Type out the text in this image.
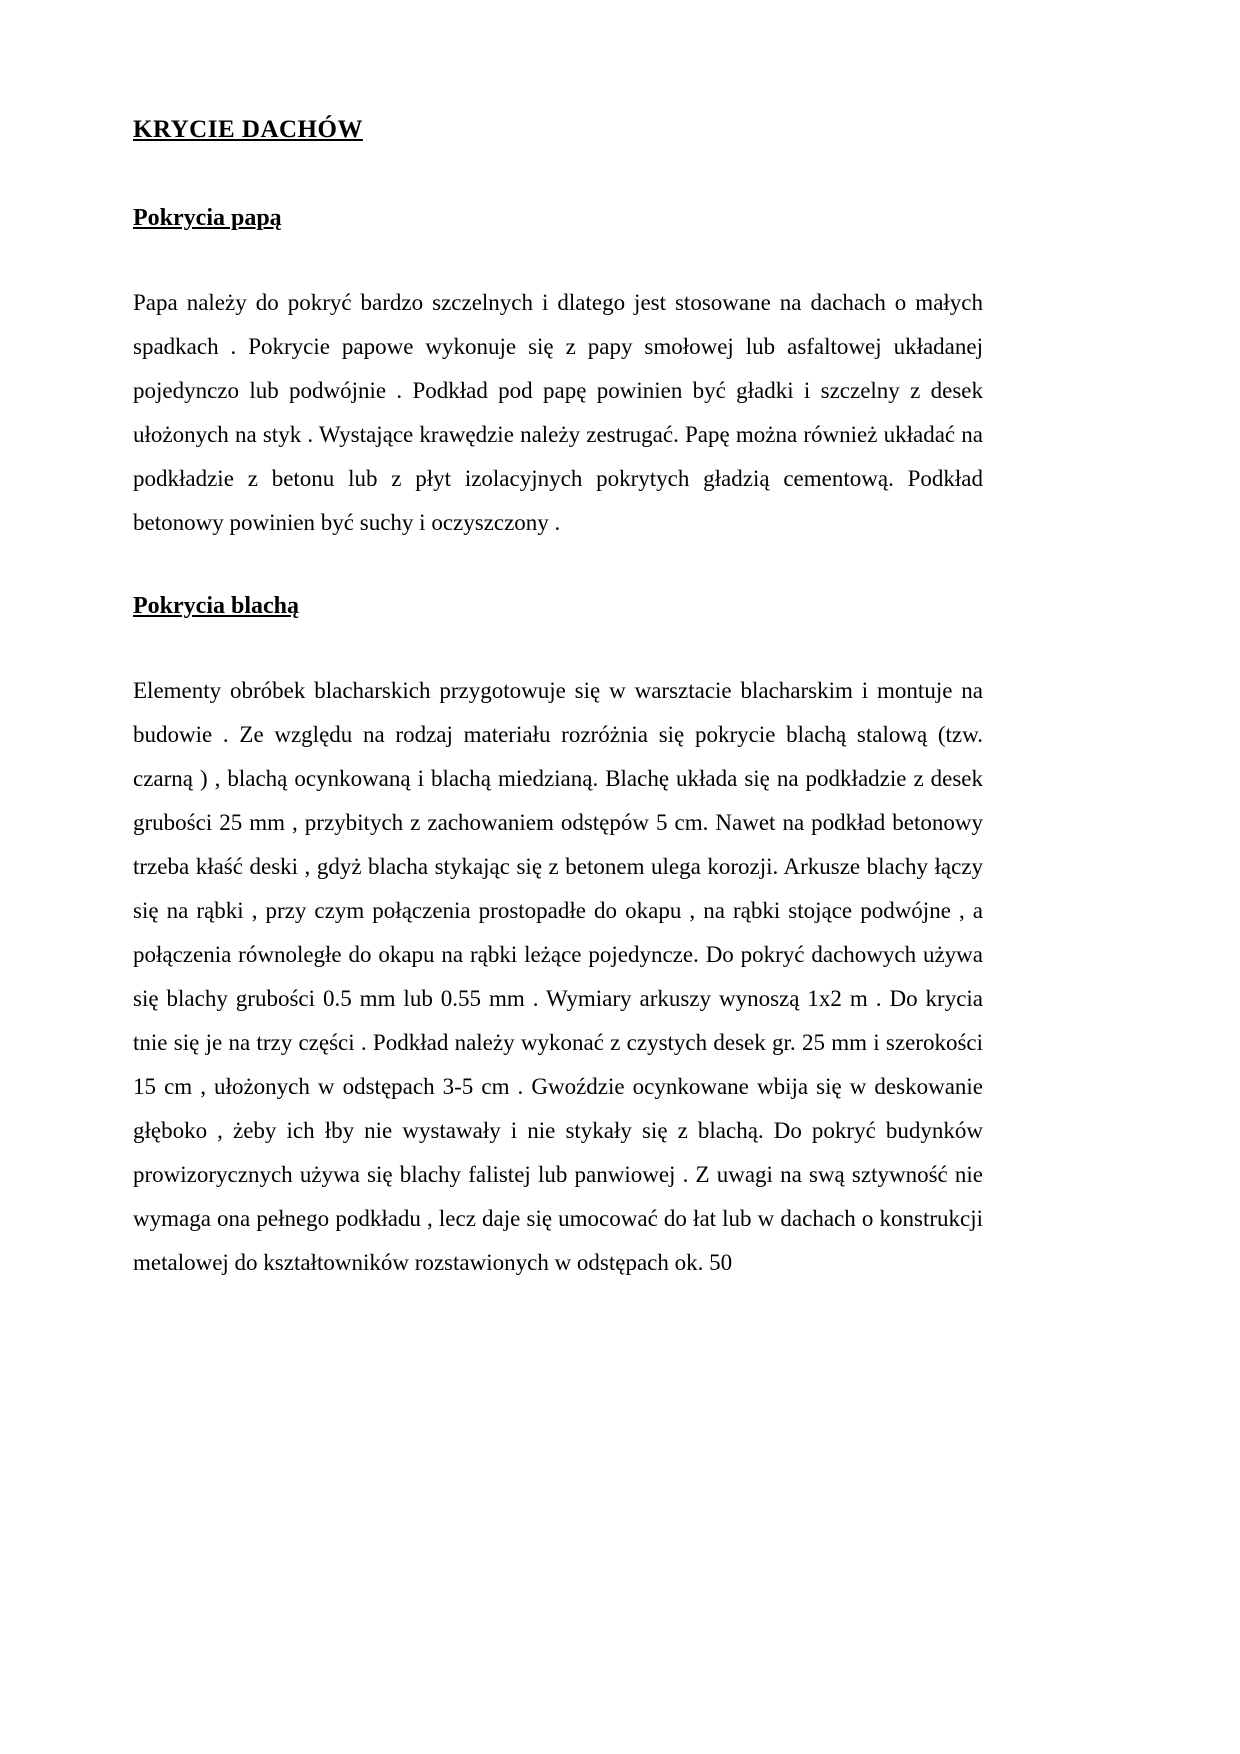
KRYCIE DACHÓW
Pokrycia papą

Papa należy do pokryć bardzo szczelnych i dlatego jest stosowane na dachach o małych spadkach . Pokrycie papowe wykonuje się z papy smołowej lub asfaltowej układanej pojedynczo lub podwójnie . Podkład pod papę powinien być gładki i szczelny z desek ułożonych na styk . Wystające krawędzie należy zestrugać. Papę można również układać na podkładzie z betonu lub z płyt izolacyjnych pokrytych gładzią cementową. Podkład betonowy powinien być suchy i oczyszczony .

Pokrycia blachą

Elementy obróbek blacharskich przygotowuje się w warsztacie blacharskim i montuje na budowie . Ze względu na rodzaj materiału rozróżnia się pokrycie blachą stalową (tzw. czarną ) , blachą ocynkowaną i blachą miedzianą. Blachę układa się na podkładzie z desek grubości 25 mm , przybitych z zachowaniem odstępów 5 cm. Nawet na podkład betonowy trzeba kłaść deski , gdyż blacha stykając się z betonem ulega korozji. Arkusze blachy łączy się na rąbki , przy czym połączenia prostopadłe do okapu , na rąbki stojące podwójne , a połączenia równoległe do okapu na rąbki leżące pojedyncze. Do pokryć dachowych używa się blachy grubości 0.5 mm lub 0.55 mm . Wymiary arkuszy wynoszą 1x2 m . Do krycia tnie się je na trzy części . Podkład należy wykonać z czystych desek gr. 25 mm i szerokości 15 cm , ułożonych w odstępach 3-5 cm . Gwoździe ocynkowane wbija się w deskowanie głęboko , żeby ich łby nie wystawały i nie stykały się z blachą. Do pokryć budynków prowizorycznych używa się blachy falistej lub panwiowej . Z uwagi na swą sztywność nie wymaga ona pełnego podkładu , lecz daje się umocować do łat lub w dachach o konstrukcji metalowej do kształtowników rozstawionych w odstępach ok. 50
